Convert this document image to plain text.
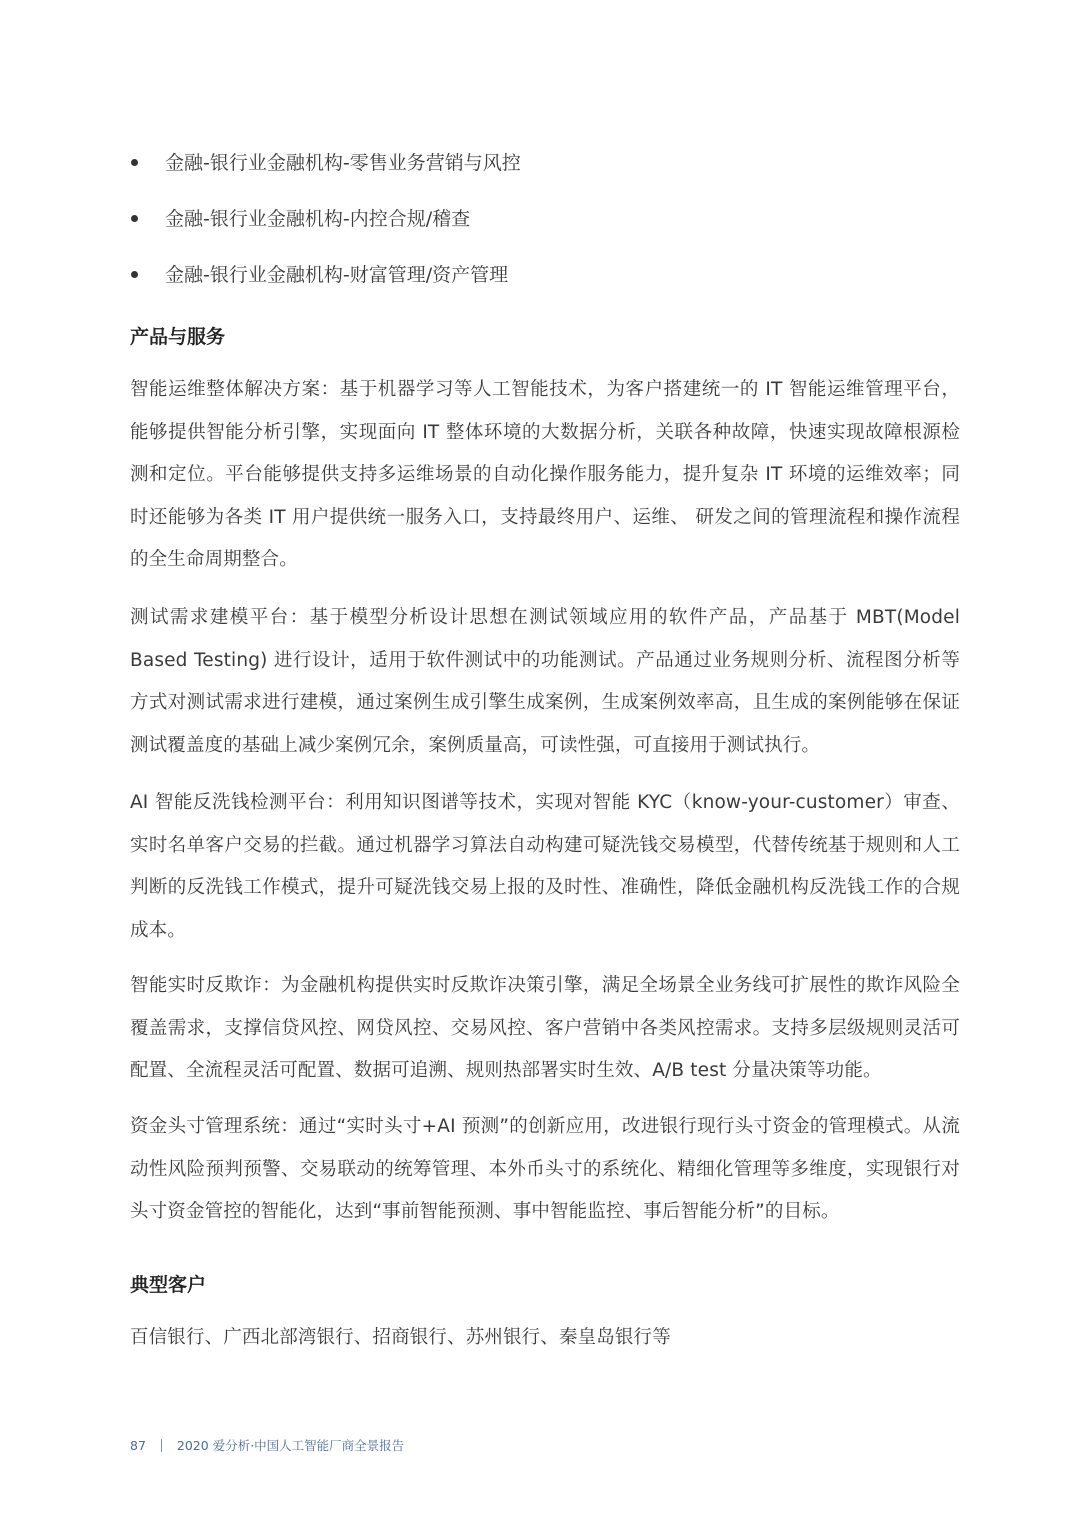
金融-银行业金融机构-零售业务营销与风控
金融-银行业金融机构-内控合规/稽查
金融-银行业金融机构-财富管理/资产管理
产品与服务

智能运维整体解决方案：基于机器学习等人工智能技术，为客户搭建统一的 IT 智能运维管理平台，能够提供智能分析引擎，实现面向 IT 整体环境的大数据分析，关联各种故障，快速实现故障根源检测和定位。平台能够提供支持多运维场景的自动化操作服务能力，提升复杂 IT 环境的运维效率；同时还能够为各类 IT 用户提供统一服务入口，支持最终用户、运维、 研发之间的管理流程和操作流程的全生命周期整合。

测试需求建模平台：基于模型分析设计思想在测试领域应用的软件产品，产品基于 MBT(Model Based Testing) 进行设计，适用于软件测试中的功能测试。产品通过业务规则分析、流程图分析等方式对测试需求进行建模，通过案例生成引擎生成案例，生成案例效率高，且生成的案例能够在保证测试覆盖度的基础上减少案例冗余，案例质量高，可读性强，可直接用于测试执行。

AI 智能反洗钱检测平台：利用知识图谱等技术，实现对智能 KYC（know-your-customer）审查、实时名单客户交易的拦截。通过机器学习算法自动构建可疑洗钱交易模型，代替传统基于规则和人工判断的反洗钱工作模式，提升可疑洗钱交易上报的及时性、准确性，降低金融机构反洗钱工作的合规成本。

智能实时反欺诈：为金融机构提供实时反欺诈决策引擎，满足全场景全业务线可扩展性的欺诈风险全覆盖需求，支撑信贷风控、网贷风控、交易风控、客户营销中各类风控需求。支持多层级规则灵活可配置、全流程灵活可配置、数据可追溯、规则热部署实时生效、A/B test 分量决策等功能。

资金头寸管理系统：通过“实时头寸+AI 预测”的创新应用，改进银行现行头寸资金的管理模式。从流动性风险预判预警、交易联动的统筹管理、本外币头寸的系统化、精细化管理等多维度，实现银行对头寸资金管控的智能化，达到“事前智能预测、事中智能监控、事后智能分析”的目标。

典型客户

百信银行、广西北部湾银行、招商银行、苏州银行、秦皇岛银行等

87 2020 爱分析·中国人工智能厂商全景报告
